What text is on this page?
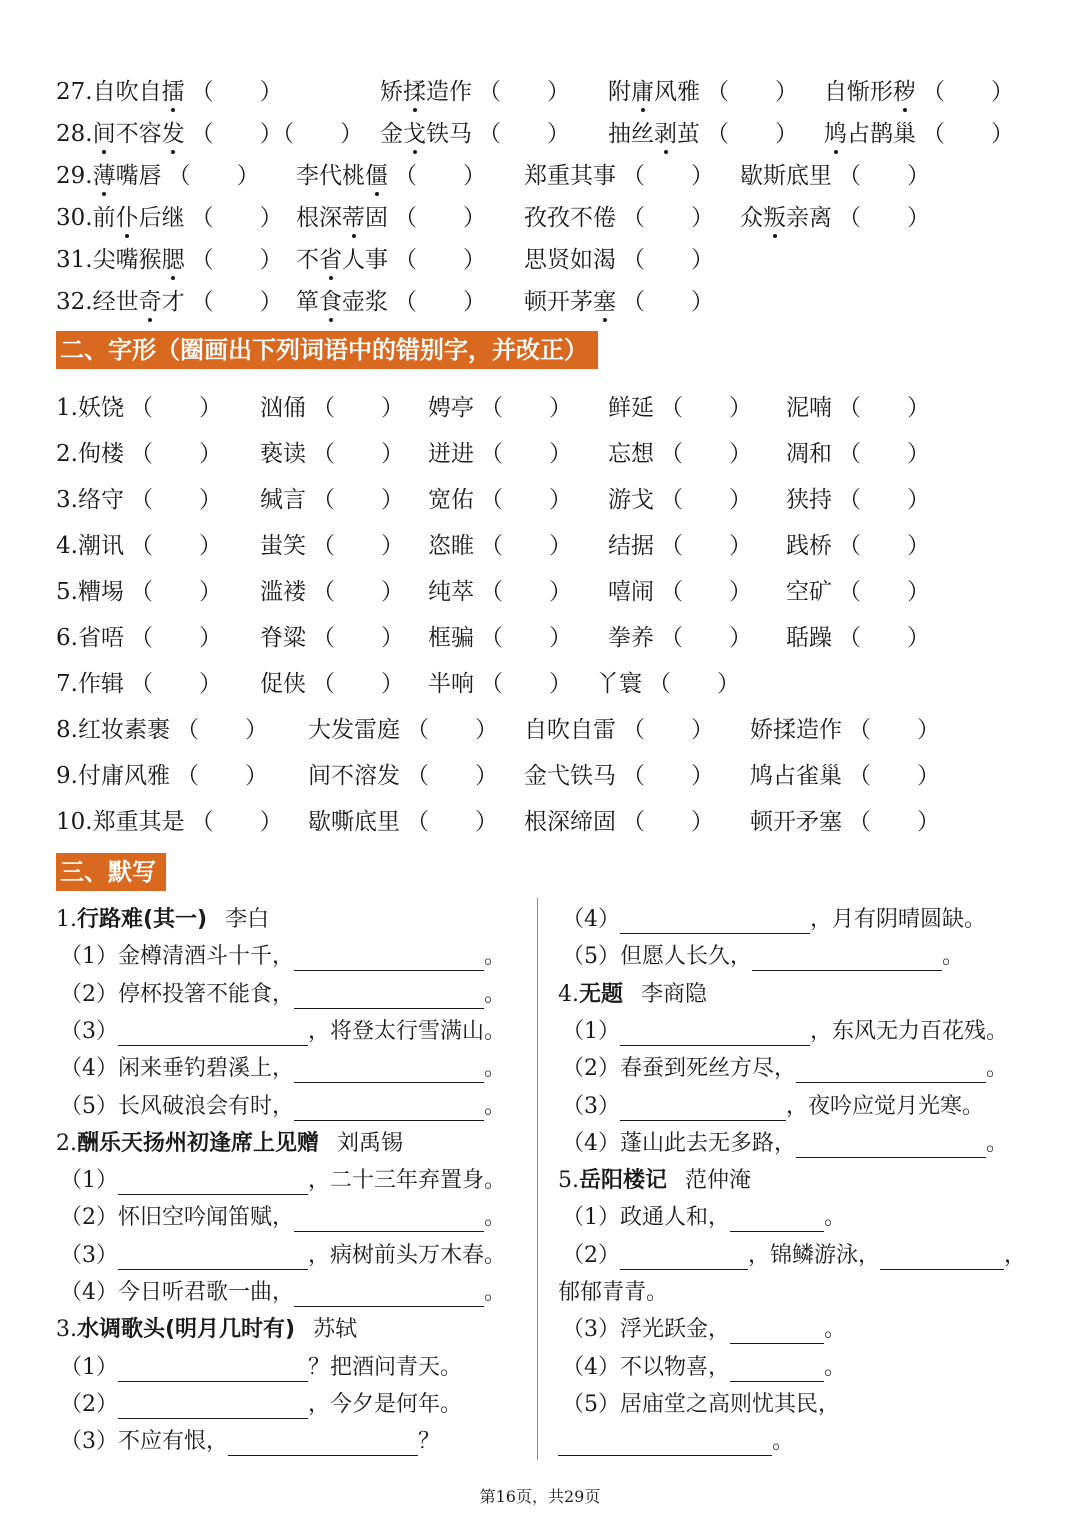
27.自吹自擂 （　　）	矫揉造作 （　　） 附庸风雅 （　　） 自惭形秽 （　　）
28.间不容发 （　　）（　　） 金戈铁马 （　　） 抽丝剥茧 （　　） 鸠占鹊巢 （　　）
29.薄嘴唇 （　　） 李代桃僵 （　　） 郑重其事 （　　） 歇斯底里 （　　）
30.前仆后继 （　　） 根深蒂固 （　　） 孜孜不倦 （　　） 众叛亲离 （　　）
31.尖嘴猴腮 （　　） 不省人事 （　　） 思贤如渴 （　　）
32.经世奇才 （　　） 箪食壶浆 （　　） 顿开茅塞 （　　）
二、字形（圈画出下列词语中的错别字，并改正）
1.妖饶 （　　） 汹俑 （　　） 娉亭 （　　） 鲜延 （　　） 泥喃 （　　）
2.佝楼 （　　） 亵读 （　　） 迸进 （　　） 忘想 （　　） 凋和 （　　）
3.络守 （　　） 缄言 （　　） 宽佑 （　　） 游戈 （　　） 狭持 （　　）
4.潮讯 （　　） 蚩笑 （　　） 恣睢 （　　） 结据 （　　） 践桥 （　　）
5.糟埸 （　　） 滥褛 （　　） 纯萃 （　　） 嘻闹 （　　） 空矿 （　　）
6.省唔 （　　） 脊粱 （　　） 框骗 （　　） 拳养 （　　） 聒躁 （　　）
7.作辑 （　　） 促侠 （　　） 半响 （　　） 丫寰 （　　）
8.红妆素裹 （　　） 大发雷庭 （　　） 自吹自雷 （　　） 娇揉造作 （　　）
9.付庸风雅 （　　） 间不溶发 （　　） 金弋铁马 （　　） 鸠占雀巢 （　　）
10.郑重其是 （　　） 歇嘶底里 （　　） 根深缔固 （　　） 顿开矛塞 （　　）
三、默写
1.行路难(其一) 李白
（1）金樽清酒斗十千，	。
（2）停杯投箸不能食，	。
（3）	，将登太行雪满山。
（4）闲来垂钓碧溪上，	。
（5）长风破浪会有时，	。
2.酬乐天扬州初逢席上见赠 刘禹锡
（1）	，二十三年弃置身。
（2）怀旧空吟闻笛赋，	。
（3）	，病树前头万木春。
（4）今日听君歌一曲，	。
3.水调歌头(明月几时有) 苏轼
（1）	？把酒问青天。
（2）	，今夕是何年。
（3）不应有恨，	？
（4）	，月有阴晴圆缺。
（5）但愿人长久，	。
4.无题 李商隐
（1）	，东风无力百花残。
（2）春蚕到死丝方尽，	。
（3）	，夜吟应觉月光寒。
（4）蓬山此去无多路，	。
5.岳阳楼记 范仲淹
（1）政通人和，	。
（2）	，锦鳞游泳，	，
郁郁青青。
（3）浮光跃金，	。
（4）不以物喜，	。
（5）居庙堂之高则忧其民，
。
第16页，共29页
